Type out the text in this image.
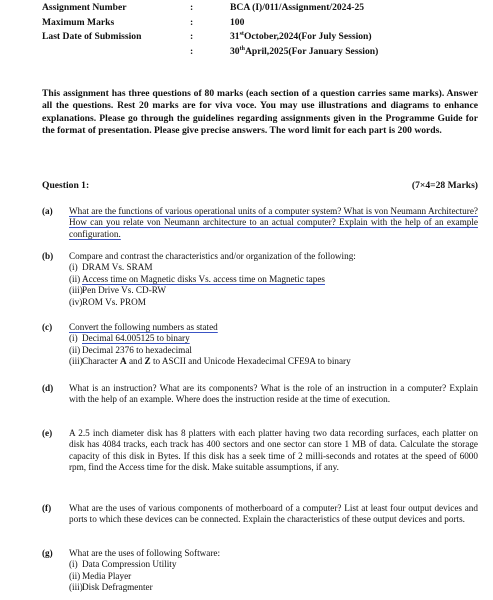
Assignment Number	:	BCA (I)/011/Assignment/2024-25
Maximum Marks	:	100
Last Date of Submission	:	31stOctober,2024(For July Session)
:	30thApril,2025(For January Session)
This assignment has three questions of 80 marks (each section of a question carries same marks). Answer all the questions. Rest 20 marks are for viva voce. You may use illustrations and diagrams to enhance explanations. Please go through the guidelines regarding assignments given in the Programme Guide for the format of presentation. Please give precise answers. The word limit for each part is 200 words.
Question 1:	(7×4=28 Marks)
(a)	What are the functions of various operational units of a computer system? What is von Neumann Architecture? How can you relate von Neumann architecture to an actual computer? Explain with the help of an example configuration.
(b)	Compare and contrast the characteristics and/or organization of the following:
(i) DRAM Vs. SRAM
(ii) Access time on Magnetic disks Vs. access time on Magnetic tapes
(iii)Pen Drive Vs. CD-RW
(iv)ROM Vs. PROM
(c)	Convert the following numbers as stated
(i) Decimal 64.005125 to binary
(ii) Decimal 2376 to hexadecimal
(iii)Character A and Z to ASCII and Unicode Hexadecimal CFE9A to binary
(d)	What is an instruction? What are its components? What is the role of an instruction in a computer? Explain with the help of an example. Where does the instruction reside at the time of execution.
(e)	A 2.5 inch diameter disk has 8 platters with each platter having two data recording surfaces, each platter on disk has 4084 tracks, each track has 400 sectors and one sector can store 1 MB of data. Calculate the storage capacity of this disk in Bytes. If this disk has a seek time of 2 milli-seconds and rotates at the speed of 6000 rpm, find the Access time for the disk. Make suitable assumptions, if any.
(f)	What are the uses of various components of motherboard of a computer? List at least four output devices and ports to which these devices can be connected. Explain the characteristics of these output devices and ports.
(g)	What are the uses of following Software:
(i) Data Compression Utility
(ii) Media Player
(iii)Disk Defragmenter
